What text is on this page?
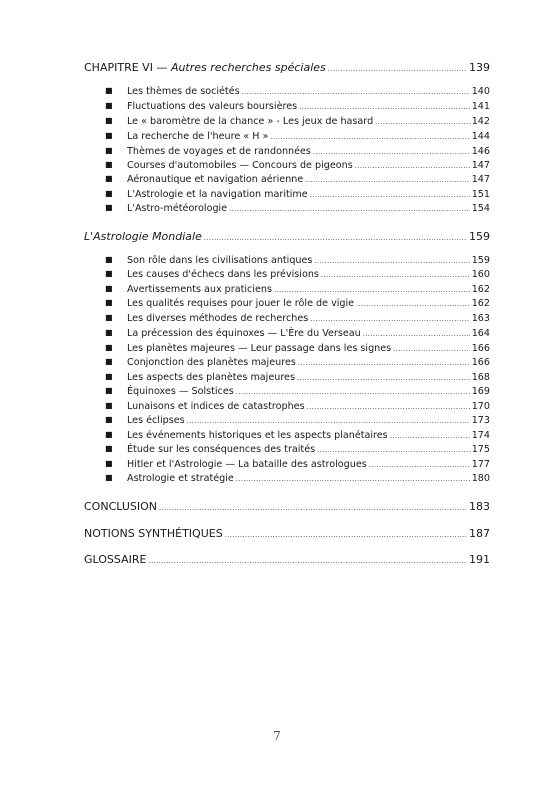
CHAPITRE VI — Autres recherches spéciales .....	139
■	Les thèmes de sociétés .....	140
■	Fluctuations des valeurs boursières .....	141
■	Le « baromètre de la chance » - Les jeux de hasard .....	142
■	La recherche de l'heure « H » .....	144
■	Thèmes de voyages et de randonnées .....	146
■	Courses d'automobiles — Concours de pigeons .....	147
■	Aéronautique et navigation aérienne .....	147
■	L'Astrologie et la navigation maritime .....	151
■	L'Astro-météorologie .....	154
L'Astrologie Mondiale .....	159
■	Son rôle dans les civilisations antiques .....	159
■	Les causes d'échecs dans les prévisions .....	160
■	Avertissements aux praticiens .....	162
■	Les qualités requises pour jouer le rôle de vigie .....	162
■	Les diverses méthodes de recherches .....	163
■	La précession des équinoxes — L'Ère du Verseau .....	164
■	Les planètes majeures — Leur passage dans les signes .....	166
■	Conjonction des planètes majeures .....	166
■	Les aspects des planètes majeures .....	168
■	Équinoxes — Solstices .....	169
■	Lunaisons et indices de catastrophes .....	170
■	Les éclipses .....	173
■	Les événements historiques et les aspects planétaires .....	174
■	Étude sur les conséquences des traités .....	175
■	Hitler et l'Astrologie — La bataille des astrologues .....	177
■	Astrologie et stratégie .....	180
CONCLUSION .....	183
NOTIONS SYNTHÉTIQUES .....	187
GLOSSAIRE .....	191
7
